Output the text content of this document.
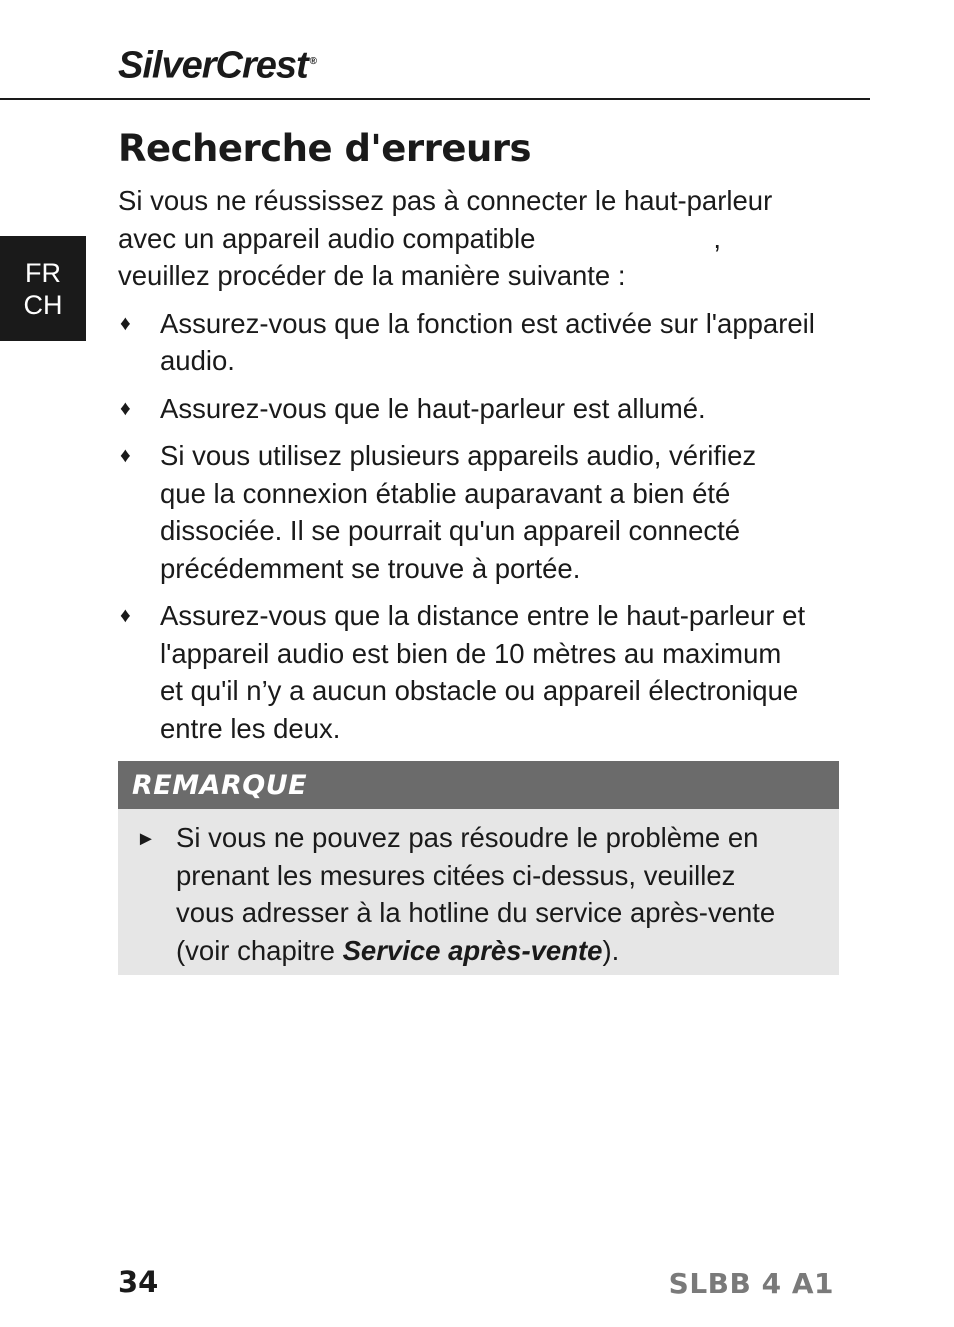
SilverCrest ®
FR
CH
Recherche d'erreurs

Si vous ne réussissez pas à connecter le haut-parleur
avec un appareil audio compatible	,
veuillez procéder de la manière suivante :

♦ Assurez-vous que la fonction est activée sur l'appareil
audio.
♦ Assurez-vous que le haut-parleur est allumé.
♦ Si vous utilisez plusieurs appareils audio, vérifiez
que la connexion établie auparavant a bien été
dissociée. Il se pourrait qu'un appareil connecté
précédemment se trouve à portée.
♦ Assurez-vous que la distance entre le haut-parleur et
l'appareil audio est bien de 10 mètres au maximum
et qu'il n’y a aucun obstacle ou appareil électronique
entre les deux.
REMARQUE
► Si vous ne pouvez pas résoudre le problème en
prenant les mesures citées ci-dessus, veuillez
vous adresser à la hotline du service après-vente
(voir chapitre Service après-vente).
34	SLBB 4 A1
